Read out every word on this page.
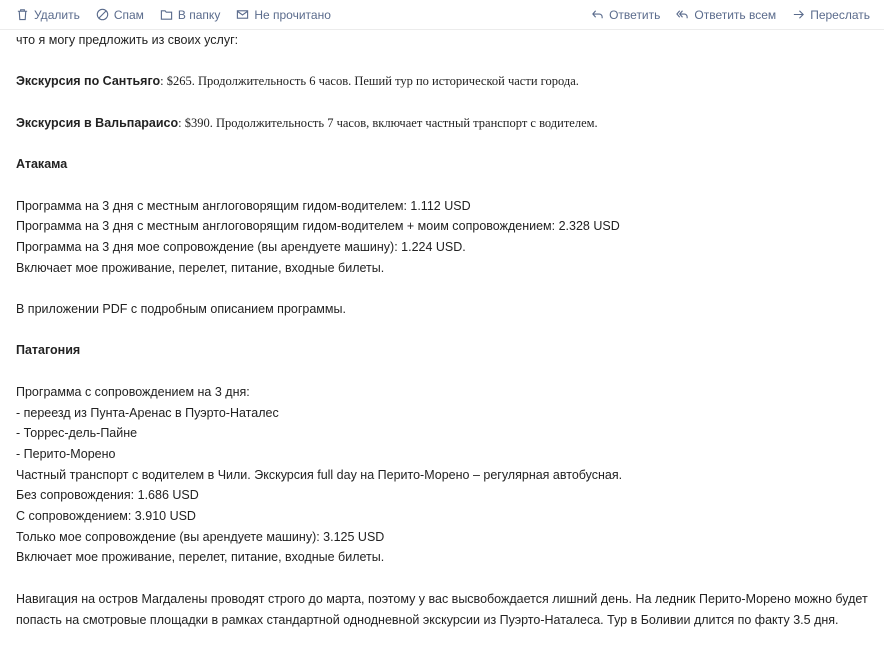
Удалить	Спам	В папку	Не прочитано	Ответить	Ответить всем	Переслать

что я могу предложить из своих услуг:

Экскурсия по Сантьяго: $265. Продолжительность 6 часов. Пеший тур по исторической части города.

Экскурсия в Вальпараисо: $390. Продолжительность 7 часов, включает частный транспорт с водителем.

Атакама

Программа на 3 дня с местным англоговорящим гидом-водителем: 1.112 USD

Программа на 3 дня с местным англоговорящим гидом-водителем + моим сопровождением: 2.328 USD

Программа на 3 дня мое сопровождение (вы арендуете машину): 1.224 USD.

Включает мое проживание, перелет, питание, входные билеты.

В приложении PDF с подробным описанием программы.

Патагония

Программа с сопровождением на 3 дня:

- переезд из Пунта-Аренас в Пуэрто-Наталес

- Торрес-дель-Пайне

- Перито-Морено

Частный транспорт с водителем в Чили. Экскурсия full day на Перито-Морено – регулярная автобусная.

Без сопровождения: 1.686 USD

С сопровождением: 3.910 USD

Только мое сопровождение (вы арендуете машину): 3.125 USD

Включает мое проживание, перелет, питание, входные билеты.

Навигация на остров Магдалены проводят строго до марта, поэтому у вас высвобождается лишний день. На ледник Перито-Морено можно будет попасть на смотровые площадки в рамках стандартной однодневной экскурсии из Пуэрто-Наталеса. Тур в Боливии длится по факту 3.5 дня.
